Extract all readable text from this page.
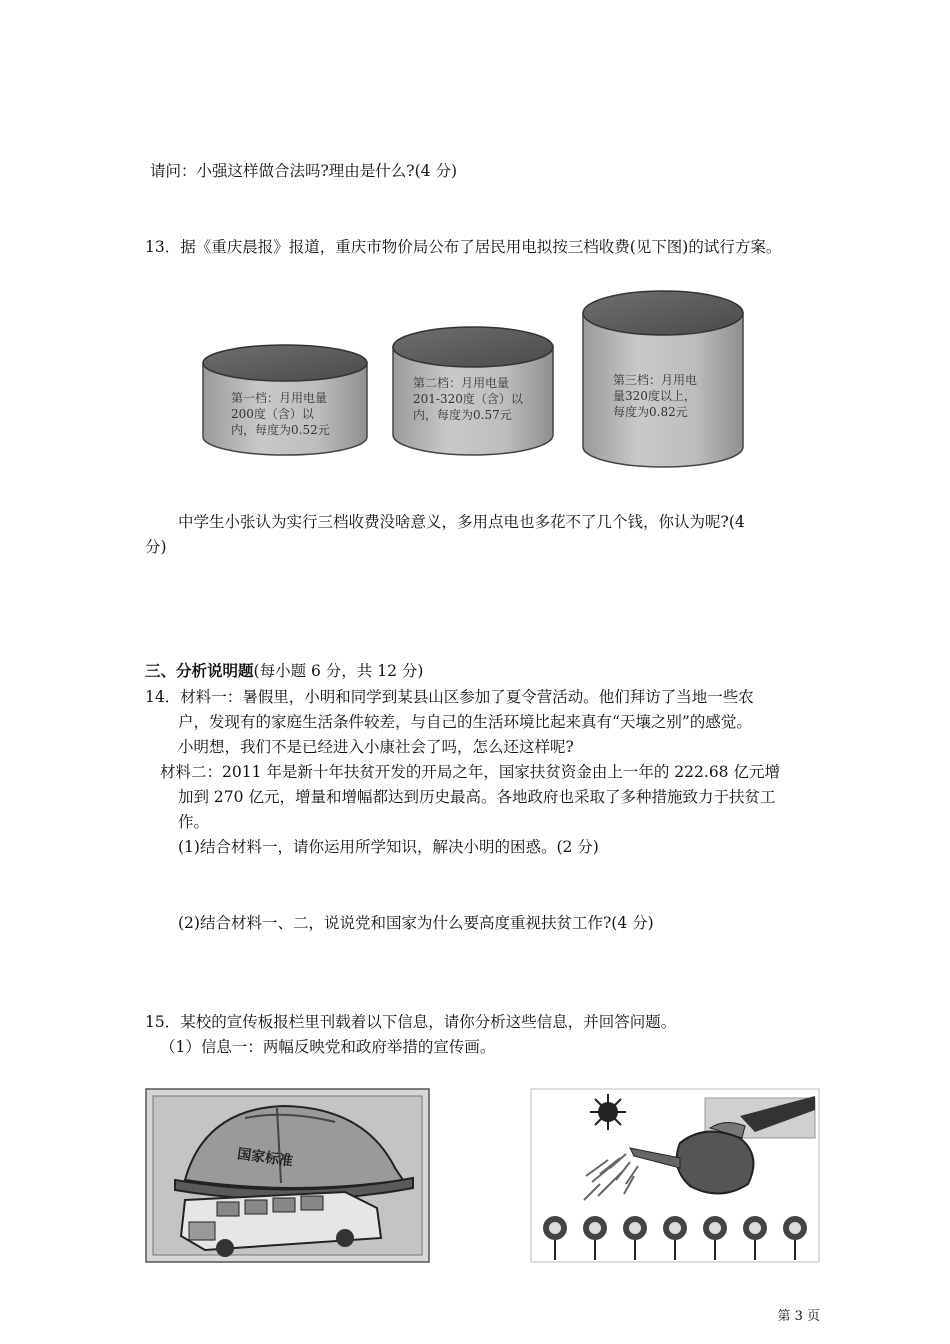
请问：小强这样做合法吗?理由是什么?(4 分)
13．据《重庆晨报》报道，重庆市物价局公布了居民用电拟按三档收费(见下图)的试行方案。
第一档：月用电量
200度（含）以
内，每度为0.52元
第二档：月用电量
201-320度（含）以
内，每度为0.57元
第三档：月用电
量320度以上，
每度为0.82元
中学生小张认为实行三档收费没啥意义，多用点电也多花不了几个钱，你认为呢?(4
分)
三、分析说明题(每小题 6 分，共 12 分)
14．材料一：暑假里，小明和同学到某县山区参加了夏令营活动。他们拜访了当地一些农
户，发现有的家庭生活条件较差，与自己的生活环境比起来真有“天壤之别”的感觉。
小明想，我们不是已经进入小康社会了吗，怎么还这样呢?
材料二：2011 年是新十年扶贫开发的开局之年，国家扶贫资金由上一年的 222.68 亿元增
加到 270 亿元，增量和增幅都达到历史最高。各地政府也采取了多种措施致力于扶贫工
作。
(1)结合材料一，请你运用所学知识，解决小明的困惑。(2 分)
(2)结合材料一、二，说说党和国家为什么要高度重视扶贫工作?(4 分)
15．某校的宣传板报栏里刊载着以下信息，请你分析这些信息，并回答问题。
（1）信息一：两幅反映党和政府举措的宣传画。
国家标准
第 3 页
